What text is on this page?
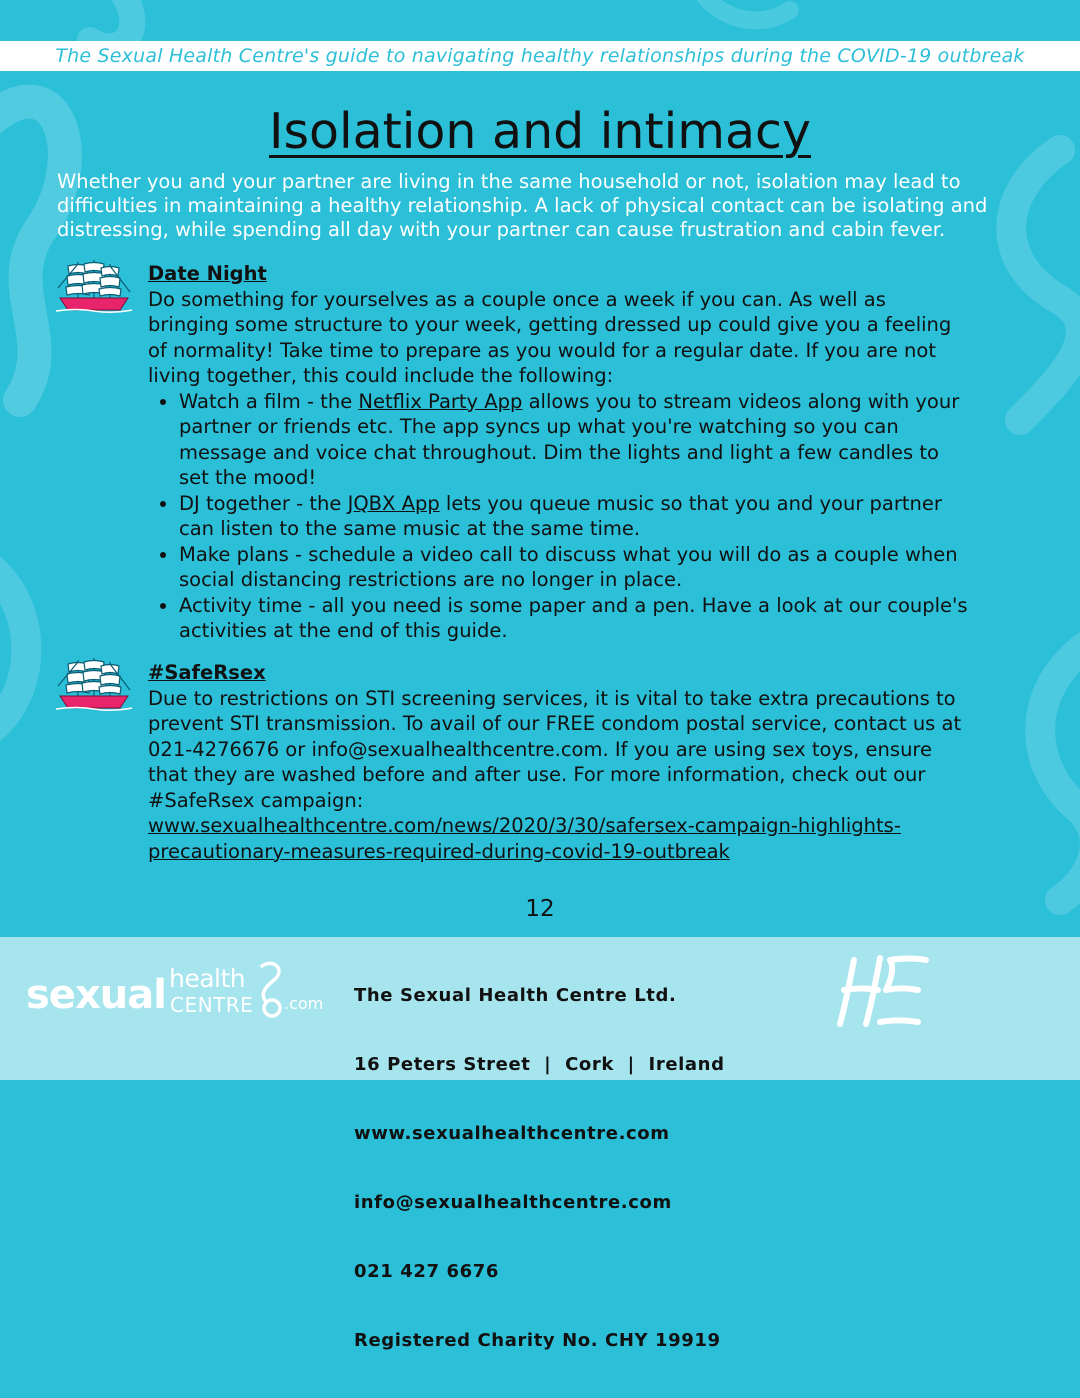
The Sexual Health Centre's guide to navigating healthy relationships during the COVID-19 outbreak
Isolation and intimacy

Whether you and your partner are living in the same household or not, isolation may lead to difficulties in maintaining a healthy relationship. A lack of physical contact can be isolating and distressing, while spending all day with your partner can cause frustration and cabin fever.

Date Night

Do something for yourselves as a couple once a week if you can. As well as bringing some structure to your week, getting dressed up could give you a feeling of normality! Take time to prepare as you would for a regular date. If you are not living together, this could include the following:

• Watch a film - the Netflix Party App allows you to stream videos along with your partner or friends etc. The app syncs up what you're watching so you can message and voice chat throughout. Dim the lights and light a few candles to set the mood!
• DJ together - the JQBX App lets you queue music so that you and your partner can listen to the same music at the same time.
• Make plans - schedule a video call to discuss what you will do as a couple when social distancing restrictions are no longer in place.
• Activity time - all you need is some paper and a pen. Have a look at our couple's activities at the end of this guide.
#SafeRsex

Due to restrictions on STI screening services, it is vital to take extra precautions to prevent STI transmission. To avail of our FREE condom postal service, contact us at 021-4276676 or info@sexualhealthcentre.com. If you are using sex toys, ensure that they are washed before and after use. For more information, check out our #SafeRsex campaign:

www.sexualhealthcentre.com/news/2020/3/30/safersex-campaign-highlights-precautionary-measures-required-during-covid-19-outbreak

12
sexual health
CENTRE .com

The Sexual Health Centre Ltd.

16 Peters Street  |  Cork  |  Ireland

www.sexualhealthcentre.com

info@sexualhealthcentre.com

021 427 6676

Registered Charity No. CHY 19919
